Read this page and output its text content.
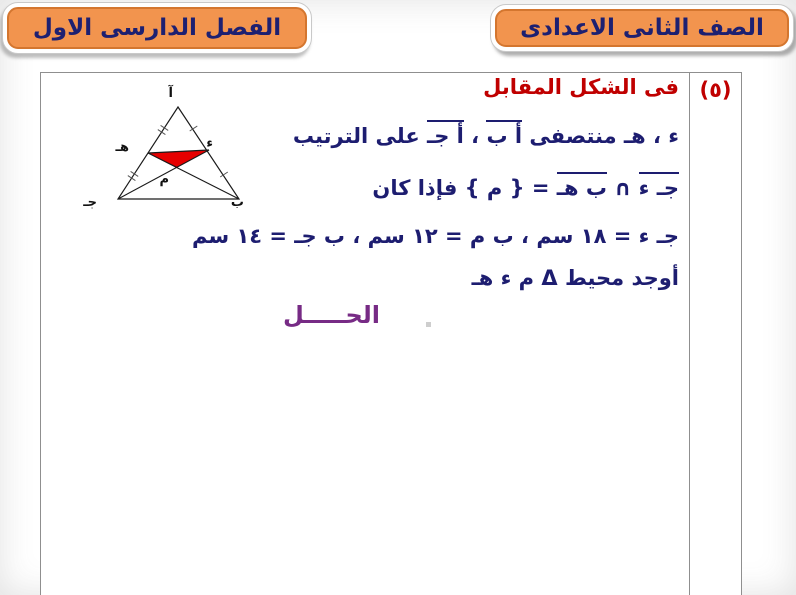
الصف الثانى الاعدادى
الفصل الدارسى الاول
(٥)
آ
ب
جـ
ء
هـ
م
فى الشكل المقابل
ء ، هـ منتصفى أ ب ، أ جـ على الترتيب
جـ ء ∩ ب هـ = { م } فإذا كان
جـ ء = ١٨ سم ، ب م = ١٢ سم ، ب جـ = ١٤ سم
أوجد محيط Δ م ء هـ
الحـــــل
